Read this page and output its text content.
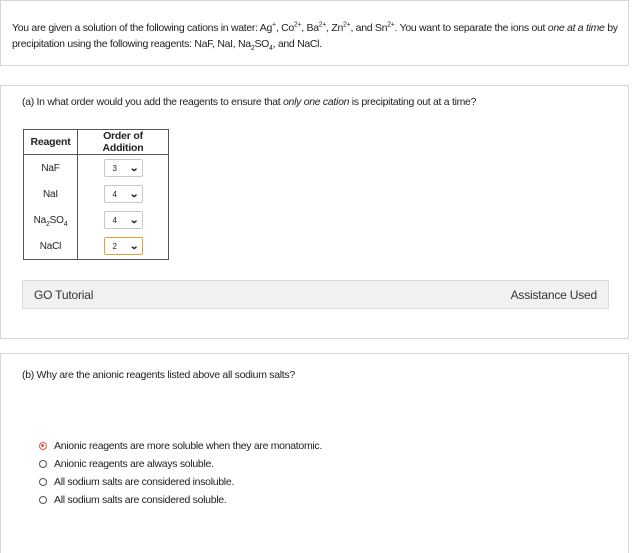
You are given a solution of the following cations in water: Ag+, $Co^{2+}$, $Ba^{2+}$, $Zn^{2+}$, and $Sn^{2+}$. You want to separate the ions out one at a time by precipitation using the following reagents: NaF, NaI, $Na_2SO_4$, and NaCl.
(a) In what order would you add the reagents to ensure that only one cation is precipitating out at a time?
Reagent	Order of Addition
NaF	3 ⌄

NaI	4 ⌄

$Na_2SO_4$	4 ⌄

NaCl	2 ⌄
GO Tutorial	Assistance Used
(b) Why are the anionic reagents listed above all sodium salts?
Anionic reagents are more soluble when they are monatomic.
Anionic reagents are always soluble.
All sodium salts are considered insoluble.
All sodium salts are considered soluble.
